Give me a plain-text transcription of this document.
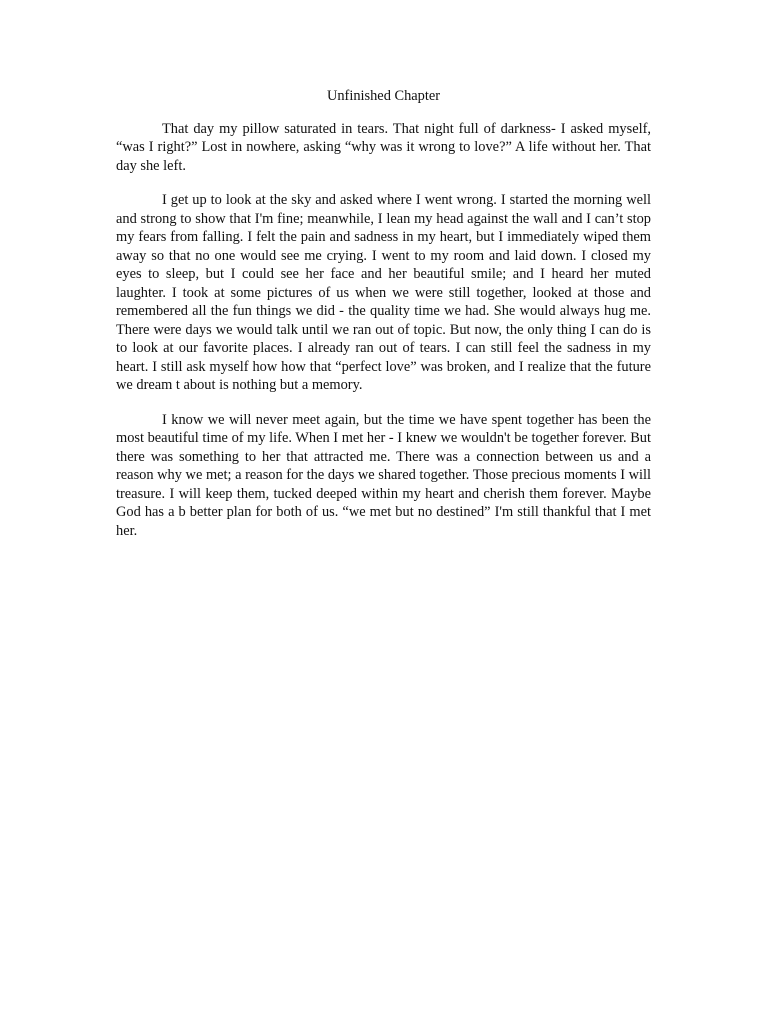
Unfinished Chapter

That day my pillow saturated in tears. That night full of darkness- I asked myself, “was I right?” Lost in nowhere, asking “why was it wrong to love?” A life without her. That day she left.

I get up to look at the sky and asked where I went wrong. I started the morning well and strong to show that I'm fine; meanwhile, I lean my head against the wall and I can’t stop my fears from falling. I felt the pain and sadness in my heart, but I immediately wiped them away so that no one would see me crying. I went to my room and laid down. I closed my eyes to sleep, but I could see her face and her beautiful smile; and I heard her muted laughter. I took at some pictures of us when we were still together, looked at those and remembered all the fun things we did - the quality time we had. She would always hug me. There were days we would talk until we ran out of topic. But now, the only thing I can do is to look at our favorite places. I already ran out of tears. I can still feel the sadness in my heart. I still ask myself how how that “perfect love” was broken, and I realize that the future we dream t about is nothing but a memory.

I know we will never meet again, but the time we have spent together has been the most beautiful time of my life. When I met her - I knew we wouldn't be together forever. But there was something to her that attracted me. There was a connection between us and a reason why we met; a reason for the days we shared together. Those precious moments I will treasure. I will keep them, tucked deeped within my heart and cherish them forever. Maybe God has a b better plan for both of us. “we met but no destined” I'm still thankful that I met her.
